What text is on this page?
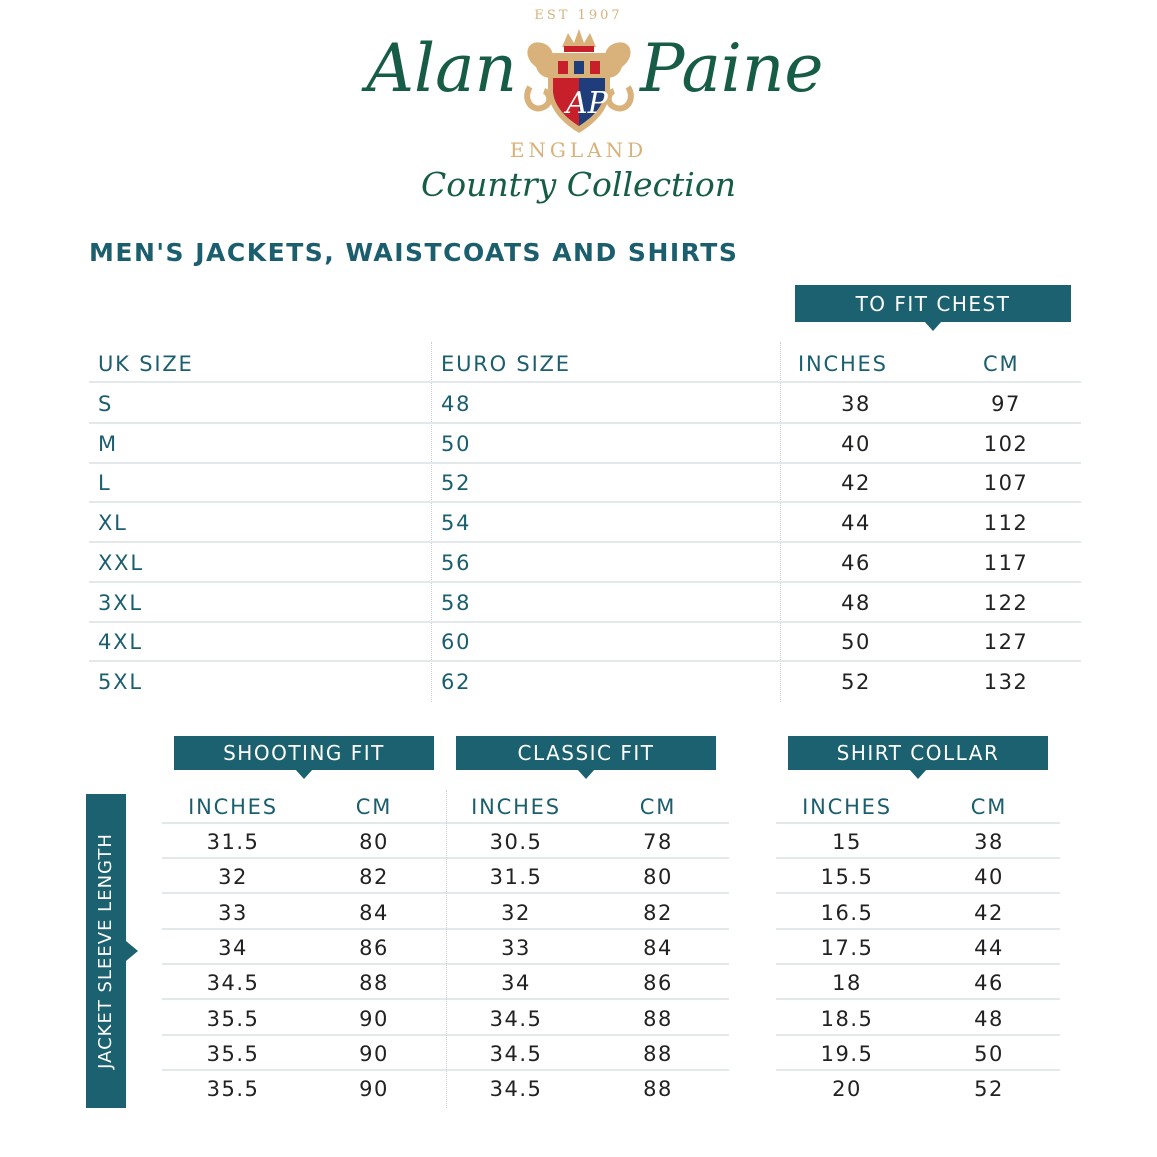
EST 1907
Alan Paine
AP
ENGLAND
Country Collection
MEN'S JACKETS, WAISTCOATS AND SHIRTS
TO FIT CHEST
UK SIZE	EURO SIZE	INCHES	CM
S	48	38	97
M	50	40	102
L	52	42	107
XL	54	44	112
XXL	56	46	117
3XL	58	48	122
4XL	60	50	127
5XL	62	52	132
JACKET SLEEVE LENGTH
SHOOTING FIT
INCHES	CM
31.5	80
32	82
33	84
34	86
34.5	88
35.5	90
35.5	90
35.5	90
CLASSIC FIT
INCHES	CM
30.5	78
31.5	80
32	82
33	84
34	86
34.5	88
34.5	88
34.5	88
SHIRT COLLAR
INCHES	CM
15	38
15.5	40
16.5	42
17.5	44
18	46
18.5	48
19.5	50
20	52
